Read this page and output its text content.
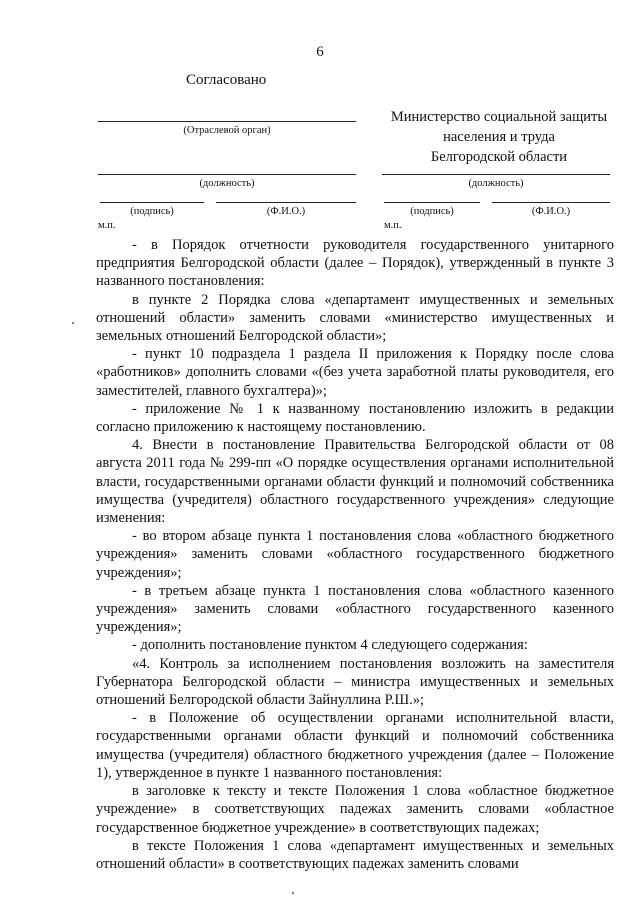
6
Согласовано
(Отраслевой орган)
(должность)
(подпись)	(Ф.И.О.)
м.п.
Министерство социальной защиты
населения и труда
Белгородской области
(должность)
(подпись)	(Ф.И.О.)
м.п.

- в Порядок отчетности руководителя государственного унитарного предприятия Белгородской области (далее – Порядок), утвержденный в пункте 3 названного постановления:

в пункте 2 Порядка слова «департамент имущественных и земельных отношений области» заменить словами «министерство имущественных и земельных отношений Белгородской области»;

- пункт 10 подраздела 1 раздела II приложения к Порядку после слова «работников» дополнить словами «(без учета заработной платы руководителя, его заместителей, главного бухгалтера)»;

- приложение № 1 к названному постановлению изложить в редакции согласно приложению к настоящему постановлению.

4. Внести в постановление Правительства Белгородской области от 08 августа 2011 года № 299-пп «О порядке осуществления органами исполнительной власти, государственными органами области функций и полномочий собственника имущества (учредителя) областного государственного учреждения» следующие изменения:

- во втором абзаце пункта 1 постановления слова «областного бюджетного учреждения» заменить словами «областного государственного бюджетного учреждения»;

- в третьем абзаце пункта 1 постановления слова «областного казенного учреждения» заменить словами «областного государственного казенного учреждения»;

- дополнить постановление пунктом 4 следующего содержания:

«4. Контроль за исполнением постановления возложить на заместителя Губернатора Белгородской области – министра имущественных и земельных отношений Белгородской области Зайнуллина Р.Ш.»;

- в Положение об осуществлении органами исполнительной власти, государственными органами области функций и полномочий собственника имущества (учредителя) областного бюджетного учреждения (далее – Положение 1), утвержденное в пункте 1 названного постановления:

в заголовке к тексту и тексте Положения 1 слова «областное бюджетное учреждение» в соответствующих падежах заменить словами «областное государственное бюджетное учреждение» в соответствующих падежах;

в тексте Положения 1 слова «департамент имущественных и земельных отношений области» в соответствующих падежах заменить словами
